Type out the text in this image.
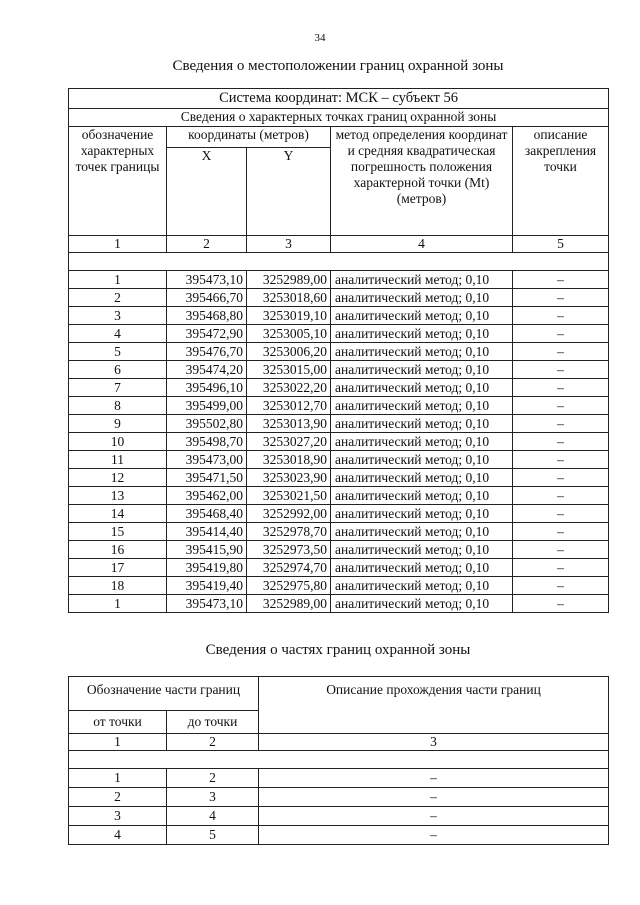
34
Сведения о местоположении границ охранной зоны
Система координат: МСК – субъект 56				
Сведения о характерных точках границ охранной зоны				
обозначение характерных точек границы	координаты (метров)		метод определения координат и средняя квадратическая погрешность положения характерной точки (Mt) (метров)	описание закрепления точки
	X	Y		
1	2	3	4	5

1	395473,10	3252989,00	аналитический метод; 0,10	–
2	395466,70	3253018,60	аналитический метод; 0,10	–
3	395468,80	3253019,10	аналитический метод; 0,10	–
4	395472,90	3253005,10	аналитический метод; 0,10	–
5	395476,70	3253006,20	аналитический метод; 0,10	–
6	395474,20	3253015,00	аналитический метод; 0,10	–
7	395496,10	3253022,20	аналитический метод; 0,10	–
8	395499,00	3253012,70	аналитический метод; 0,10	–
9	395502,80	3253013,90	аналитический метод; 0,10	–
10	395498,70	3253027,20	аналитический метод; 0,10	–
11	395473,00	3253018,90	аналитический метод; 0,10	–
12	395471,50	3253023,90	аналитический метод; 0,10	–
13	395462,00	3253021,50	аналитический метод; 0,10	–
14	395468,40	3252992,00	аналитический метод; 0,10	–
15	395414,40	3252978,70	аналитический метод; 0,10	–
16	395415,90	3252973,50	аналитический метод; 0,10	–
17	395419,80	3252974,70	аналитический метод; 0,10	–
18	395419,40	3252975,80	аналитический метод; 0,10	–
1	395473,10	3252989,00	аналитический метод; 0,10	–
Сведения о частях границ охранной зоны
Обозначение части границ		Описание прохождения части границ
от точки	до точки	
1	2	3

1	2	–
2	3	–
3	4	–
4	5	–
